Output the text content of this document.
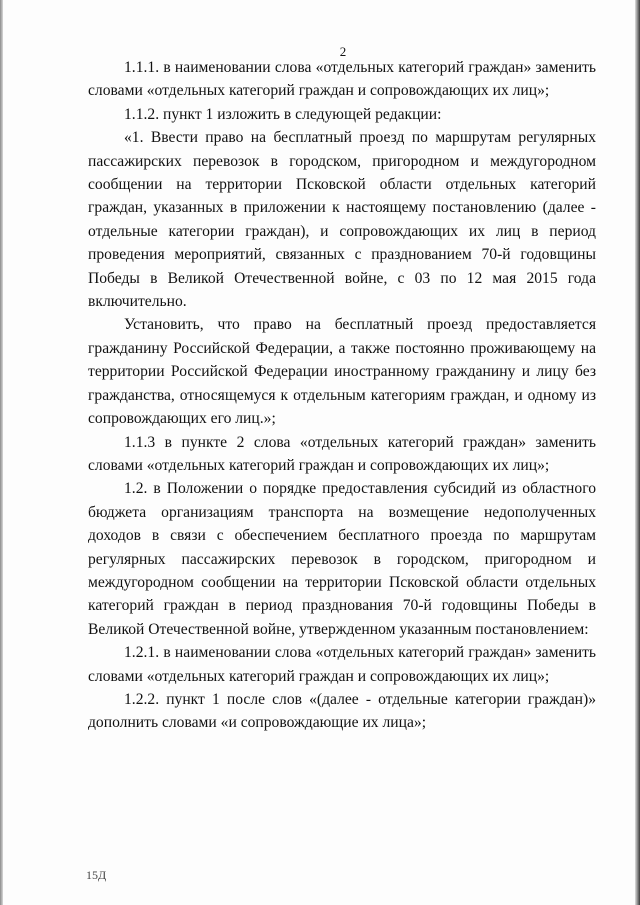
2

1.1.1. в наименовании слова «отдельных категорий граждан» заменить словами «отдельных категорий граждан и сопровождающих их лиц»;

1.1.2. пункт 1 изложить в следующей редакции:

«1. Ввести право на бесплатный проезд по маршрутам регулярных пассажирских перевозок в городском, пригородном и междугородном сообщении на территории Псковской области отдельных категорий граждан, указанных в приложении к настоящему постановлению (далее - отдельные категории граждан), и сопровождающих их лиц в период проведения мероприятий, связанных с празднованием 70-й годовщины Победы в Великой Отечественной войне, с 03 по 12 мая 2015 года включительно.

Установить, что право на бесплатный проезд предоставляется гражданину Российской Федерации, а также постоянно проживающему на территории Российской Федерации иностранному гражданину и лицу без гражданства, относящемуся к отдельным категориям граждан, и одному из сопровождающих его лиц.»;

1.1.3 в пункте 2 слова «отдельных категорий граждан» заменить словами «отдельных категорий граждан и сопровождающих их лиц»;

1.2. в Положении о порядке предоставления субсидий из областного бюджета организациям транспорта на возмещение недополученных доходов в связи с обеспечением бесплатного проезда по маршрутам регулярных пассажирских перевозок в городском, пригородном и междугородном сообщении на территории Псковской области отдельных категорий граждан в период празднования 70-й годовщины Победы в Великой Отечественной войне, утвержденном указанным постановлением:

1.2.1. в наименовании слова «отдельных категорий граждан» заменить словами «отдельных категорий граждан и сопровождающих их лиц»;

1.2.2. пункт 1 после слов «(далее - отдельные категории граждан)» дополнить словами «и сопровождающие их лица»;

15Д
